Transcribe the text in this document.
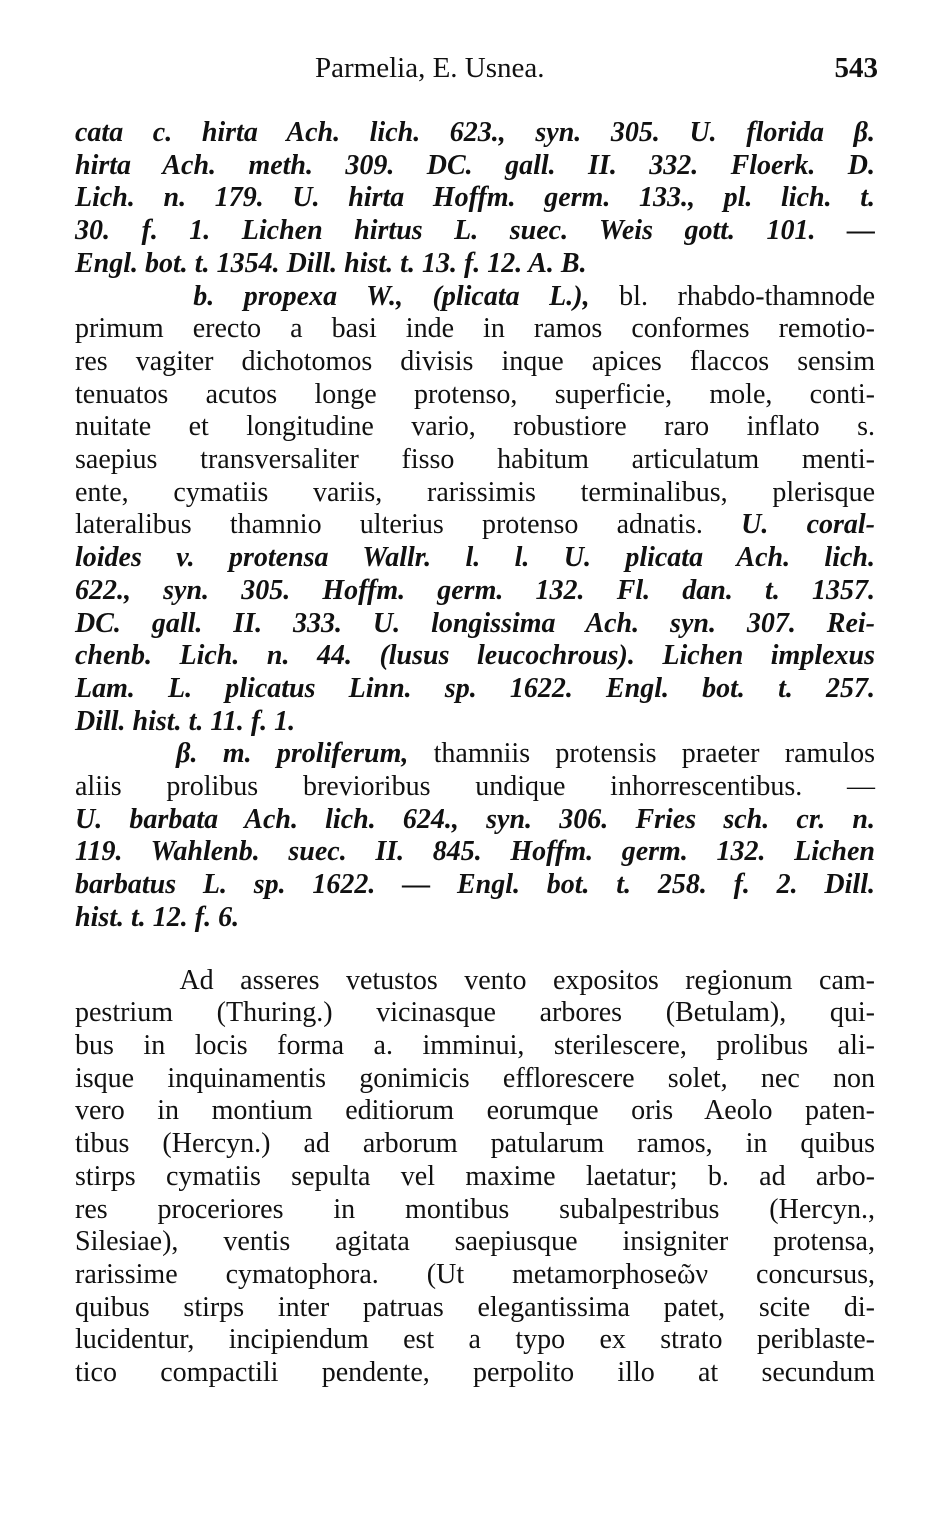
Parmelia, E. Usnea.	543
cata c. hirta Ach. lich. 623., syn. 305. U. florida β.
hirta Ach. meth. 309. DC. gall. II. 332. Floerk. D.
Lich. n. 179. U. hirta Hoffm. germ. 133., pl. lich. t.
30. f. 1. Lichen hirtus L. suec. Weis gott. 101. —
Engl. bot. t. 1354. Dill. hist. t. 13. f. 12. A. B.
b. propexa W., (plicata L.), bl. rhabdo-thamnode
primum erecto a basi inde in ramos conformes remotio-
res vagiter dichotomos divisis inque apices flaccos sensim
tenuatos acutos longe protenso, superficie, mole, conti-
nuitate et longitudine vario, robustiore raro inflato s.
saepius transversaliter fisso habitum articulatum menti-
ente, cymatiis variis, rarissimis terminalibus, plerisque
lateralibus thamnio ulterius protenso adnatis. U. coral-
loides v. protensa Wallr. l. l. U. plicata Ach. lich.
622., syn. 305. Hoffm. germ. 132. Fl. dan. t. 1357.
DC. gall. II. 333. U. longissima Ach. syn. 307. Rei-
chenb. Lich. n. 44. (lusus leucochrous). Lichen implexus
Lam. L. plicatus Linn. sp. 1622. Engl. bot. t. 257.
Dill. hist. t. 11. f. 1.
β. m. proliferum, thamniis protensis praeter ramulos
aliis prolibus brevioribus undique inhorrescentibus. —
U. barbata Ach. lich. 624., syn. 306. Fries sch. cr. n.
119. Wahlenb. suec. II. 845. Hoffm. germ. 132. Lichen
barbatus L. sp. 1622. — Engl. bot. t. 258. f. 2. Dill.
hist. t. 12. f. 6.
Ad asseres vetustos vento expositos regionum cam-
pestrium (Thuring.) vicinasque arbores (Betulam), qui-
bus in locis forma a. imminui, sterilescere, prolibus ali-
isque inquinamentis gonimicis efflorescere solet, nec non
vero in montium editiorum eorumque oris Aeolo paten-
tibus (Hercyn.) ad arborum patularum ramos, in quibus
stirps cymatiis sepulta vel maxime laetatur; b. ad arbo-
res proceriores in montibus subalpestribus (Hercyn.,
Silesiae), ventis agitata saepiusque insigniter protensa,
rarissime cymatophora. (Ut metamorphoseῶν concursus,
quibus stirps inter patruas elegantissima patet, scite di-
lucidentur, incipiendum est a typo ex strato periblaste-
tico compactili pendente, perpolito illo at secundum
